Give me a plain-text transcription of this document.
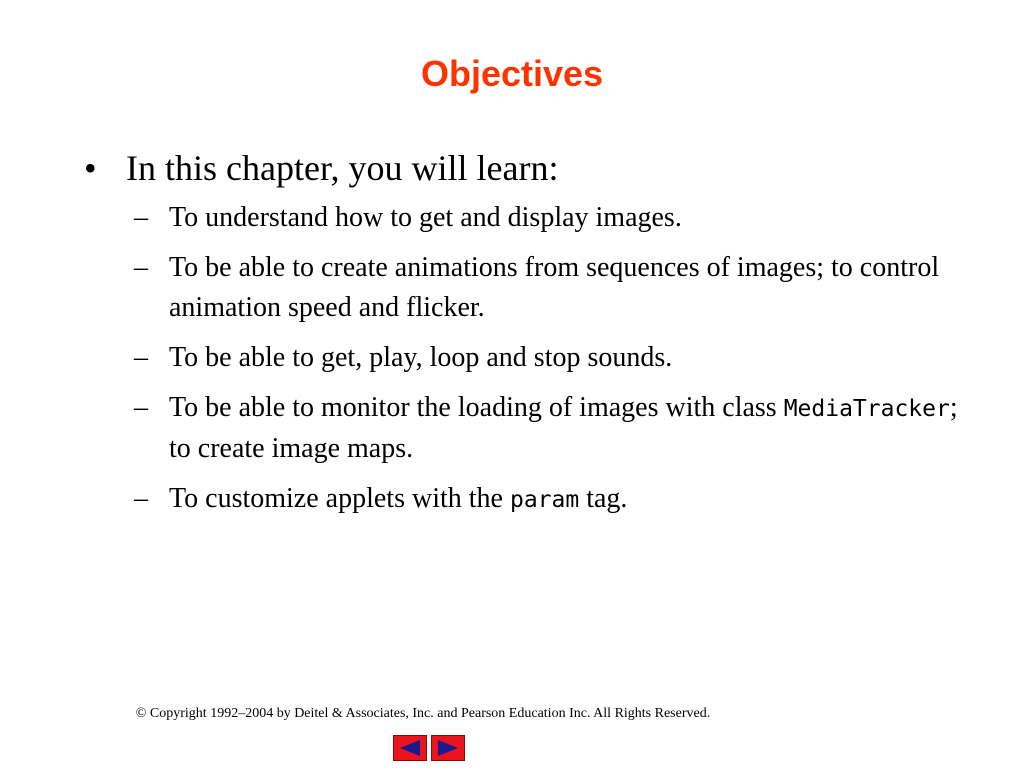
Objectives
• In this chapter, you will learn:
– To understand how to get and display images.
– To be able to create animations from sequences of images; to control animation speed and flicker.
– To be able to get, play, loop and stop sounds.
– To be able to monitor the loading of images with class MediaTracker; to create image maps.
– To customize applets with the param tag.
© Copyright 1992–2004 by Deitel & Associates, Inc. and Pearson Education Inc. All Rights Reserved.
